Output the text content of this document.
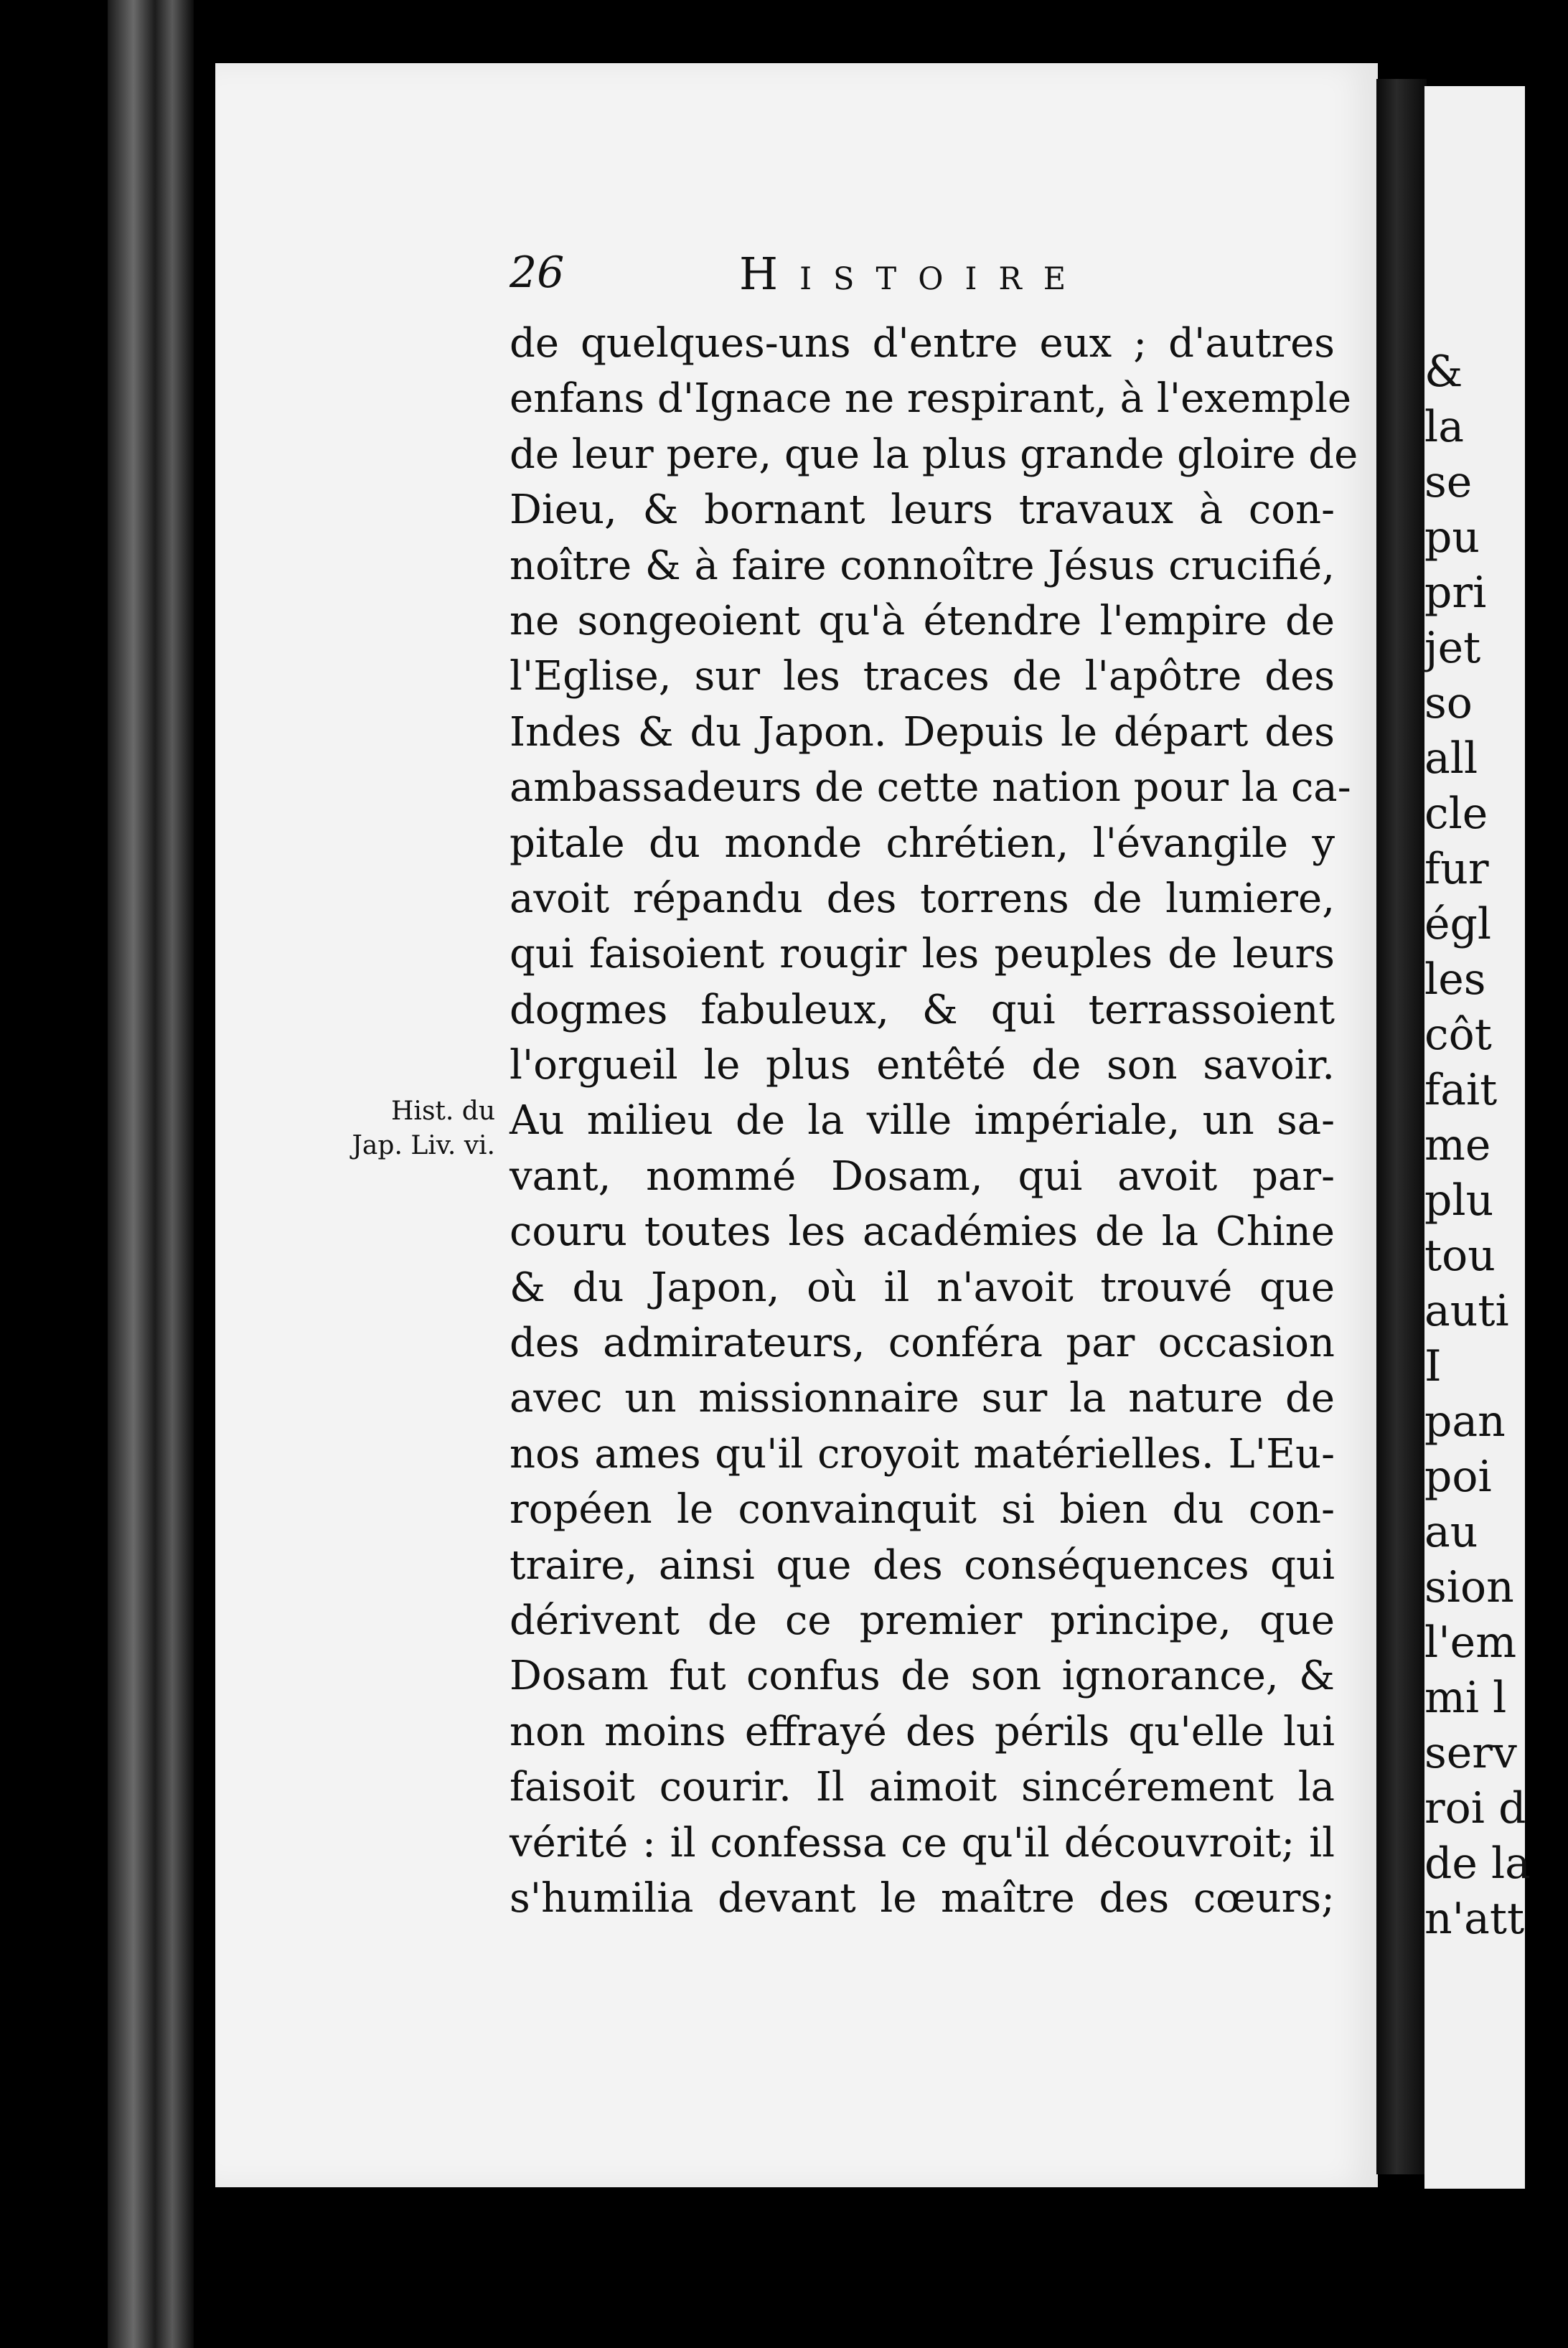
&
la
se
pu
pri
jet
so
all
cle
fur
égl
les
côt
fait
me
plu
tou
auti
I
pan
poi
au
sion
l'em
mi l
serv
roi d
de la
n'att
26	Histoire
Hist. du
Jap. Liv. vi.
de quelques-uns d'entre eux ; d'autres
enfans d'Ignace ne respirant, à l'exemple
de leur pere, que la plus grande gloire de
Dieu, & bornant leurs travaux à con-
noître & à faire connoître Jésus crucifié,
ne songeoient qu'à étendre l'empire de
l'Eglise, sur les traces de l'apôtre des
Indes & du Japon. Depuis le départ des
ambassadeurs de cette nation pour la ca-
pitale du monde chrétien, l'évangile y
avoit répandu des torrens de lumiere,
qui faisoient rougir les peuples de leurs
dogmes fabuleux, & qui terrassoient
l'orgueil le plus entêté de son savoir.
Au milieu de la ville impériale, un sa-
vant, nommé Dosam, qui avoit par-
couru toutes les académies de la Chine
& du Japon, où il n'avoit trouvé que
des admirateurs, conféra par occasion
avec un missionnaire sur la nature de
nos ames qu'il croyoit matérielles. L'Eu-
ropéen le convainquit si bien du con-
traire, ainsi que des conséquences qui
dérivent de ce premier principe, que
Dosam fut confus de son ignorance, &
non moins effrayé des périls qu'elle lui
faisoit courir. Il aimoit sincérement la
vérité : il confessa ce qu'il découvroit; il
s'humilia devant le maître des cœurs;
